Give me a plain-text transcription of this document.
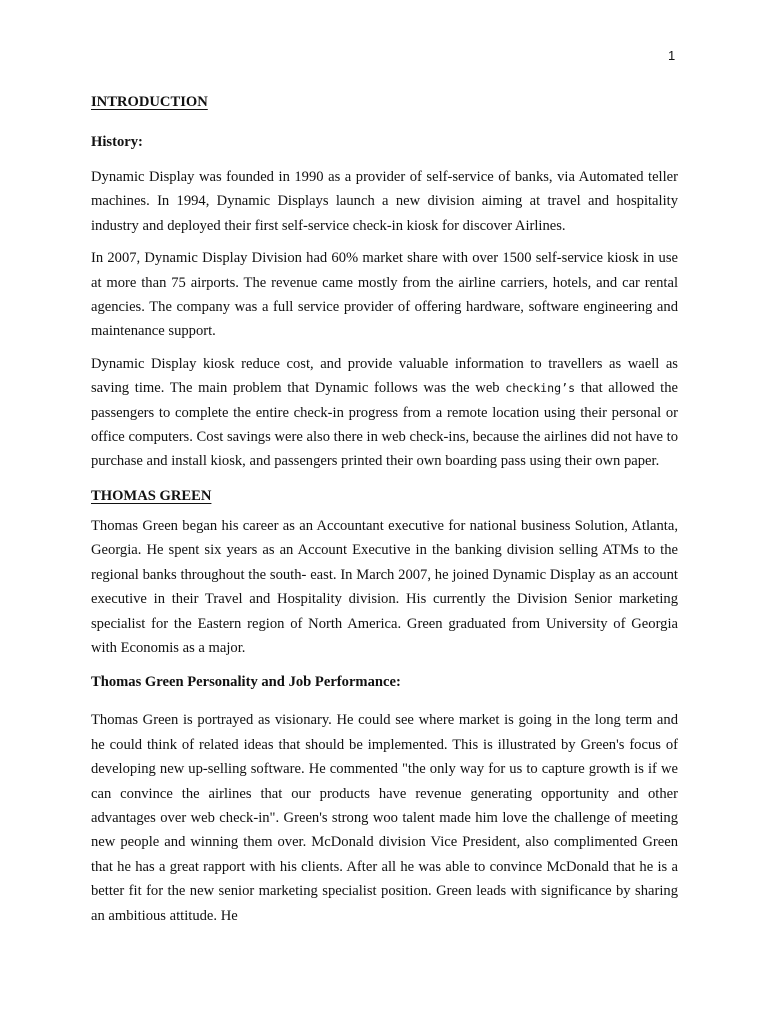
1
INTRODUCTION
History:

Dynamic Display was founded in 1990 as a provider of self-service of banks, via Automated teller machines. In 1994, Dynamic Displays launch a new division aiming at travel and hospitality industry and deployed their first self-service check-in kiosk for discover Airlines.

In 2007, Dynamic Display Division had 60% market share with over 1500 self-service kiosk in use at more than 75 airports. The revenue came mostly from the airline carriers, hotels, and car rental agencies. The company was a full service provider of offering hardware, software engineering and maintenance support.

Dynamic Display kiosk reduce cost, and provide valuable information to travellers as waell as saving time. The main problem that Dynamic follows was the web checking’s that allowed the passengers to complete the entire check-in progress from a remote location using their personal or office computers. Cost savings were also there in web check-ins, because the airlines did not have to purchase and install kiosk, and passengers printed their own boarding pass using their own paper.

THOMAS GREEN

Thomas Green began his career as an Accountant executive for national business Solution, Atlanta, Georgia. He spent six years as an Account Executive in the banking division selling ATMs to the regional banks throughout the south- east. In March 2007, he joined Dynamic Display as an account executive in their Travel and Hospitality division. His currently the Division Senior marketing specialist for the Eastern region of North America. Green graduated from University of Georgia with Economis as a major.

Thomas Green Personality and Job Performance:

Thomas Green is portrayed as visionary. He could see where market is going in the long term and he could think of related ideas that should be implemented. This is illustrated by Green's focus of developing new up-selling software. He commented "the only way for us to capture growth is if we can convince the airlines that our products have revenue generating opportunity and other advantages over web check-in". Green's strong woo talent made him love the challenge of meeting new people and winning them over. McDonald division Vice President, also complimented Green that he has a great rapport with his clients. After all he was able to convince McDonald that he is a better fit for the new senior marketing specialist position. Green leads with significance by sharing an ambitious attitude. He
